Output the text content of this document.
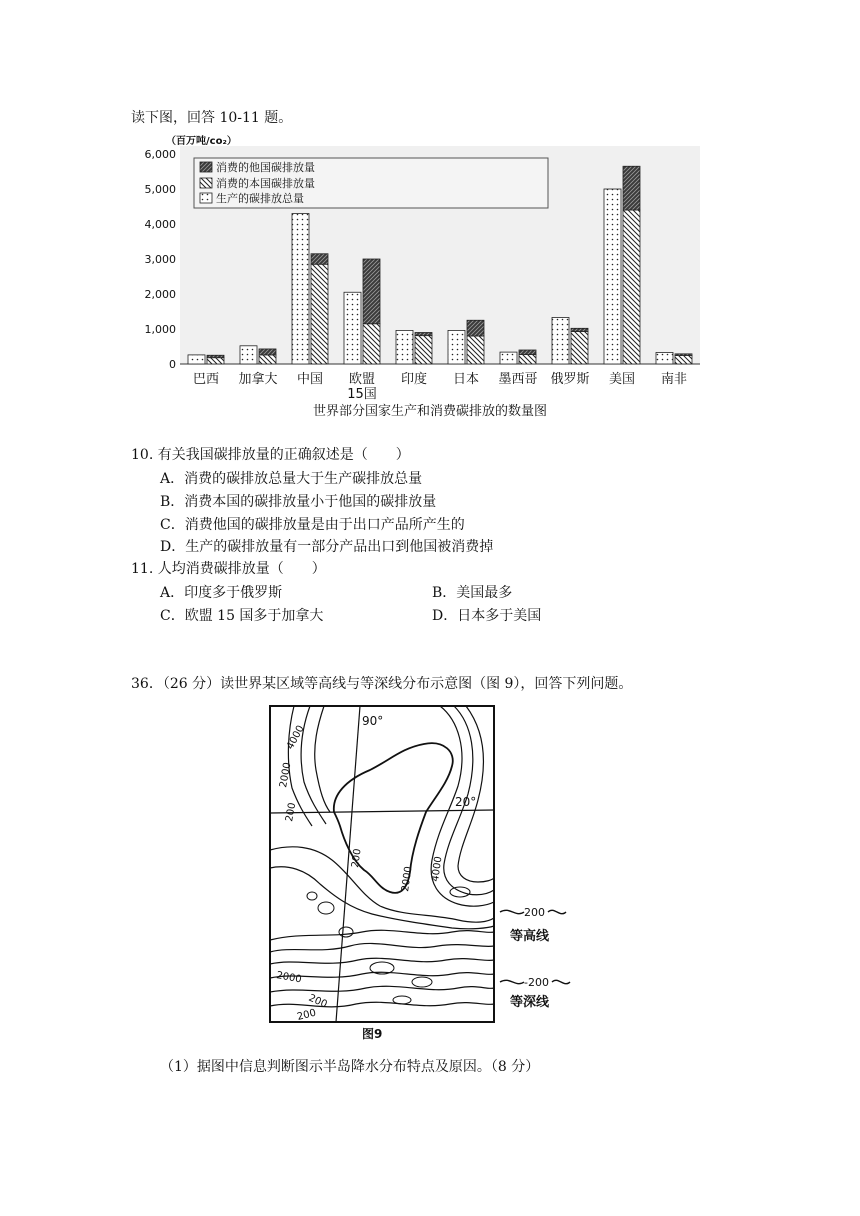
读下图，回答 10-11 题。
0
1,000
2,000
3,000
4,000
5,000
6,000
巴西 加拿大 中国 欧盟
15国
印度 日本 墨西哥 俄罗斯 美国 南非
（百万吨/co₂）
消费的他国碳排放量
消费的本国碳排放量
生产的碳排放总量
世界部分国家生产和消费碳排放的数量图
10. 有关我国碳排放量的正确叙述是（　　）
A．消费的碳排放总量大于生产碳排放总量
B．消费本国的碳排放量小于他国的碳排放量
C．消费他国的碳排放量是由于出口产品所产生的
D．生产的碳排放量有一部分产品出口到他国被消费掉
11. 人均消费碳排放量（　　）
A．印度多于俄罗斯	B．美国最多
C．欧盟 15 国多于加拿大	D．日本多于美国
36．（26 分）读世界某区域等高线与等深线分布示意图（图 9），回答下列问题。
90°
20°
4000
2000
200
200
2000 4000
2000
200
200
200
等高线
-200
等深线
图9
（1）据图中信息判断图示半岛降水分布特点及原因。（8 分）
